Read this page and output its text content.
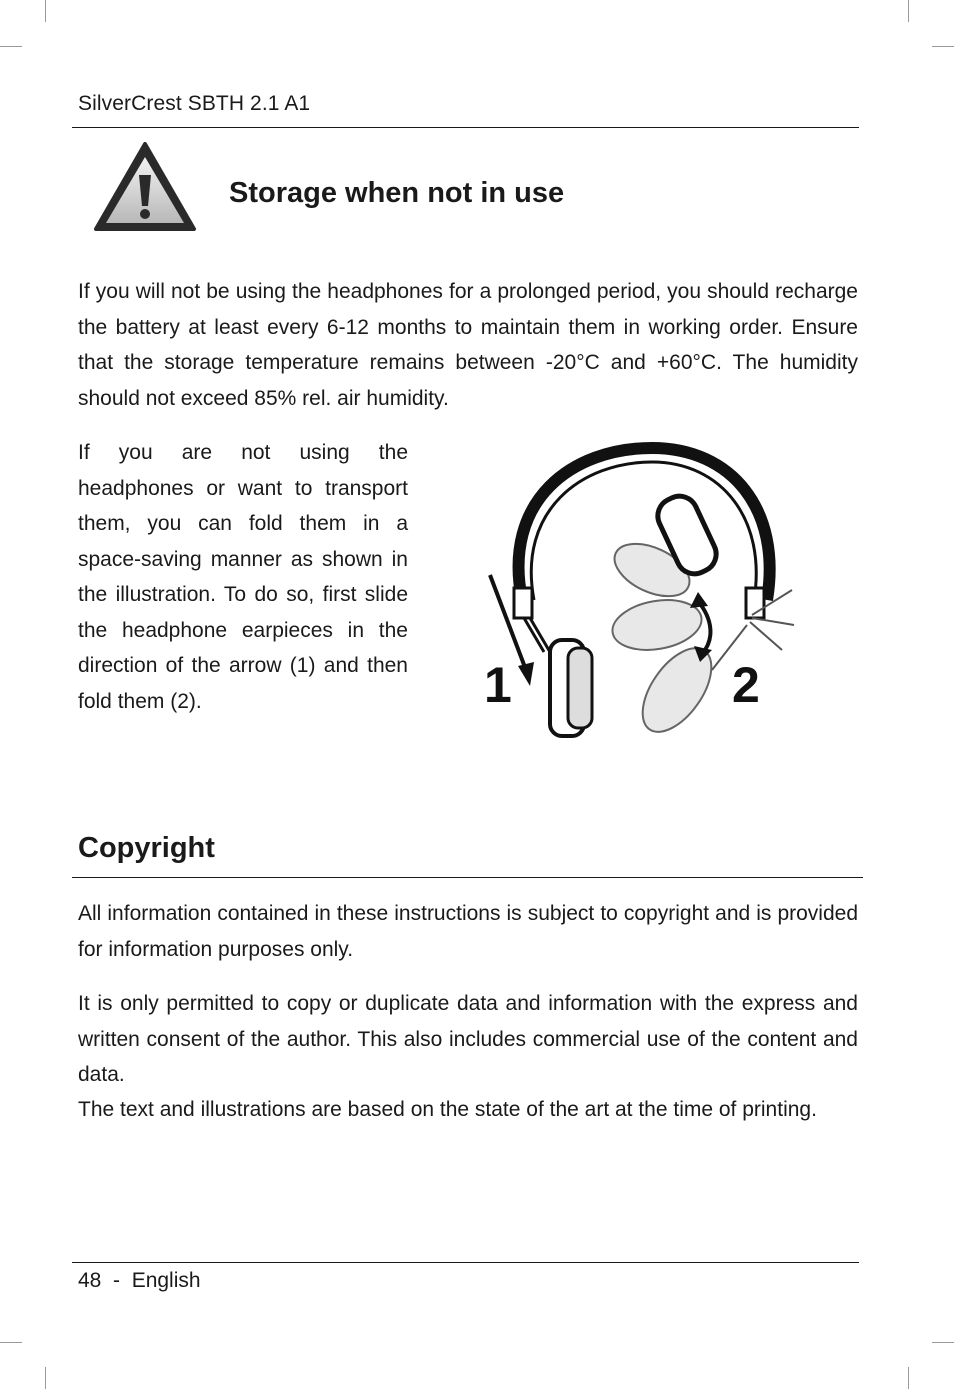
SilverCrest SBTH 2.1 A1
Storage when not in use

If you will not be using the headphones for a prolonged period, you should recharge the battery at least every 6-12 months to maintain them in working order. Ensure that the storage temperature remains between -20°C and +60°C. The humidity should not exceed 85% rel. air humidity.

If you are not using the headphones or want to transport them, you can fold them in a space-saving manner as shown in the illustration. To do so, first slide the headphone earpieces in the direction of the arrow (1) and then fold them (2).	1	2
Copyright

All information contained in these instructions is subject to copyright and is provided for information purposes only.

It is only permitted to copy or duplicate data and information with the express and written consent of the author. This also includes commercial use of the content and data.

The text and illustrations are based on the state of the art at the time of printing.

48  -  English
